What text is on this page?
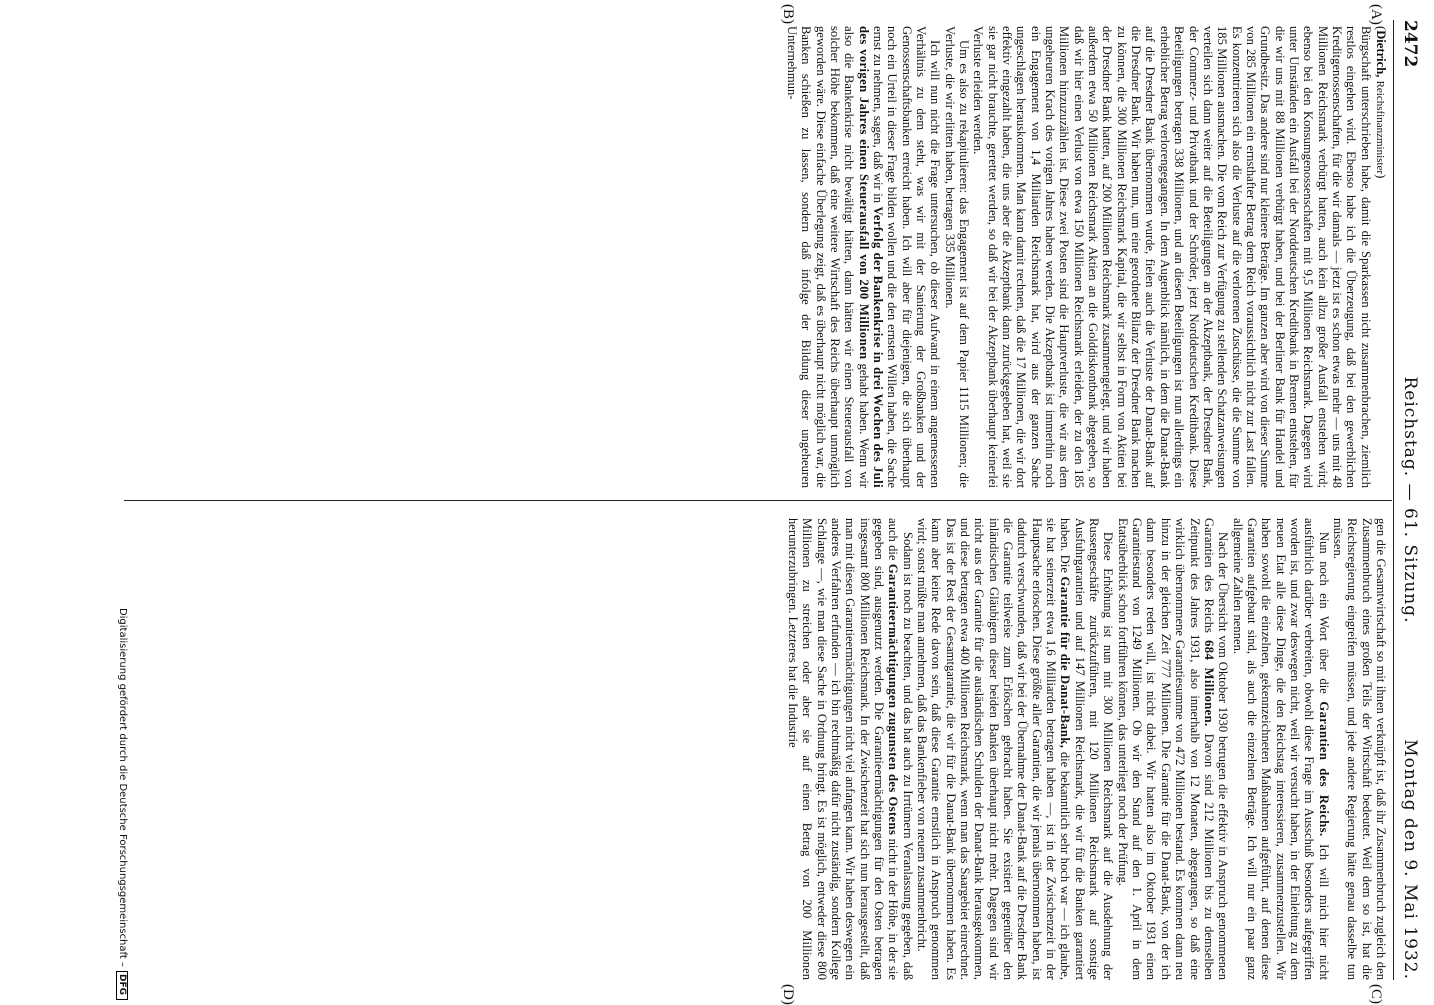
2472
Reichstag. — 61. Sitzung.
Montag den 9. Mai 1932.
(A)
(B)
(C)
(D)

(Dietrich, Reichsfinanzminister)

Bürgschaft unterschrieben habe, damit die Sparkassen nicht zusammenbrachen, ziemlich restlos eingehen wird. Ebenso habe ich die Überzeugung, daß bei den gewerblichen Kreditgenossenschaften, für die wir damals — jetzt ist es schon etwas mehr — uns mit 48 Millionen Reichsmark verbürgt hatten, auch kein allzu großer Ausfall entstehen wird; ebenso bei den Konsumgenossenschaften mit 9,5 Millionen Reichsmark. Dagegen wird unter Umständen ein Ausfall bei der Norddeutschen Kreditbank in Bremen entstehen, für die wir uns mit 88 Millionen verbürgt haben, und bei der Berliner Bank für Handel und Grundbesitz. Das andere sind nur kleinere Beträge. Im ganzen aber wird von dieser Summe von 285 Millionen ein ernsthafter Betrag dem Reich voraussichtlich nicht zur Last fallen. Es konzentrieren sich also die Verluste auf die verlorenen Zuschüsse, die die Summe von 185 Millionen ausmachen. Die vom Reich zur Verfügung zu stellenden Schatzanweisungen verteilen sich dann weiter auf die Beteiligungen an der Akzeptbank, der Dresdner Bank, der Commerz- und Privatbank und der Schröder, jetzt Norddeutschen Kreditbank. Diese Beteiligungen betragen 338 Millionen, und an diesen Beteiligungen ist nun allerdings ein erheblicher Betrag verlorengegangen. In dem Augenblick nämlich, in dem die Danat-Bank auf die Dresdner Bank übernommen wurde, fielen auch die Verluste der Danat-Bank auf die Dresdner Bank. Wir haben nun, um eine geordnete Bilanz der Dresdner Bank machen zu können, die 300 Millionen Reichsmark Kapital, die wir selbst in Form von Aktien bei der Dresdner Bank hatten, auf 200 Millionen Reichsmark zusammengelegt, und wir haben außerdem etwa 50 Millionen Reichsmark Aktien an die Golddiskontbank abgegeben, so daß wir hier einen Verlust von etwa 150 Millionen Reichsmark erleiden, der zu den 185 Millionen hinzuzuzählen ist. Diese zwei Posten sind die Hauptverluste, die wir aus dem ungeheuren Krach des vorigen Jahres haben werden. Die Akzeptbank ist immerhin noch ein Engagement von 1,4 Milliarden Reichsmark hat, wird aus der ganzen Sache ungeschlagen herauskommen. Man kann damit rechnen, daß die 17 Millionen, die wir dort effektiv eingezahlt haben, die uns aber die Akzeptbank dann zurückgegeben hat, weil sie sie gar nicht brauchte, gerettet werden, so daß wir bei der Akzeptbank überhaupt keinerlei Verluste erleiden werden.

Um es also zu rekapitulieren: das Engagement ist auf dem Papier 1115 Millionen; die Verluste, die wir erlitten haben, betragen 335 Millionen.

Ich will nun nicht die Frage untersuchen, ob dieser Aufwand in einem angemessenen Verhältnis zu dem steht, was wir mit der Sanierung der Großbanken und der Genossenschaftsbanken erreicht haben. Ich will aber für diejenigen, die sich überhaupt noch ein Urteil in dieser Frage bilden wollen und die den ernsten Willen haben, die Sache ernst zu nehmen, sagen, daß wir in Verfolg der Bankenkrise in drei Wochen des Juli des vorigen Jahres einen Steuerausfall von 200 Millionen gehabt haben. Wenn wir also die Bankenkrise nicht bewältigt hätten, dann hätten wir einen Steuerausfall von solcher Höhe bekommen, daß eine weitere Wirtschaft des Reichs überhaupt unmöglich geworden wäre. Diese einfache Überlegung zeigt, daß es überhaupt nicht möglich war, die Banken schießen zu lassen, sondern daß infolge der Bildung dieser ungeheuren Unternehmun-

gen die Gesamtwirtschaft so mit ihnen verknüpft ist, daß ihr Zusammenbruch zugleich den Zusammenbruch eines großen Teils der Wirtschaft bedeutet. Weil dem so ist, hat die Reichsregierung eingreifen müssen, und jede andere Regierung hätte genau dasselbe tun müssen.

Nun noch ein Wort über die Garantien des Reichs. Ich will mich hier nicht ausführlich darüber verbreiten, obwohl diese Frage im Ausschuß besonders aufgegriffen worden ist, und zwar deswegen nicht, weil wir versucht haben, in der Einleitung zu dem neuen Etat alle diese Dinge, die den Reichstag interessieren, zusammenzustellen. Wir haben sowohl die einzelnen, gekennzeichneten Maßnahmen aufgeführt, auf denen diese Garantien aufgebaut sind, als auch die einzelnen Beträge. Ich will nur ein paar ganz allgemeine Zahlen nennen.

Nach der Übersicht vom Oktober 1930 betrugen die effektiv in Anspruch genommenen Garantien des Reichs 684 Millionen. Davon sind 212 Millionen bis zu demselben Zeitpunkt des Jahres 1931, also innerhalb von 12 Monaten, abgegangen, so daß eine wirklich übernommene Garantiesumme von 472 Millionen bestand. Es kommen dann neu hinzu in der gleichen Zeit 777 Millionen. Die Garantie für die Danat-Bank, von der ich dann besonders reden will, ist nicht dabei. Wir hatten also im Oktober 1931 einen Garantiestand von 1249 Millionen. Ob wir den Stand auf den 1. April in dem Etatsüberblick schon fortführen können, das unterliegt noch der Prüfung.

Diese Erhöhung ist nun mit 300 Millionen Reichsmark auf die Ausdehnung der Russengeschäfte zurückzuführen, mit 120 Millionen Reichsmark auf sonstige Ausfuhrgarantien und auf 147 Millionen Reichsmark, die wir für die Banken garantiert haben. Die Garantie für die Danat-Bank, die bekanntlich sehr hoch war — ich glaube, sie hat seinerzeit etwa 1,6 Milliarden betragen haben —, ist in der Zwischenzeit in der Hauptsache erloschen. Diese größte aller Garantien, die wir jemals übernommen haben, ist dadurch verschwunden, daß wir bei der Übernahme der Danat-Bank auf die Dresdner Bank die Garantie teilweise zum Erlöschen gebracht haben. Sie existiert gegenüber den inländischen Gläubigern dieser beiden Banken überhaupt nicht mehr. Dagegen sind wir nicht aus der Garantie für die ausländischen Schulden der Danat-Bank herausgekommen, und diese betragen etwa 400 Millionen Reichsmark, wenn man das Saargebiet einrechnet. Das ist der Rest der Gesamtgarantie, die wir für die Danat-Bank übernommen haben. Es kann aber keine Rede davon sein, daß diese Garantie ernstlich in Anspruch genommen wird; sonst müßte man annehmen, daß das Bankenfieber von neuem zusammenbricht.

Sodann ist noch zu beachten, und das hat auch zu Irrtümern Veranlassung gegeben, daß auch die Garantieermächtigungen zugunsten des Ostens nicht in der Höhe, in der sie gegeben sind, ausgenutzt werden. Die Garantieermächtigungen für den Osten betragen insgesamt 800 Millionen Reichsmark. In der Zwischenzeit hat sich nun herausgestellt, daß man mit diesen Garantieermächtigungen nicht viel anfangen kann. Wir haben deswegen ein anderes Verfahren erfunden — ich bin rechtmäßig dafür nicht zuständig, sondern Kollege Schlange —, wie man diese Sache in Ordnung bringt. Es ist möglich, entweder diese 800 Millionen zu streichen oder aber sie auf einen Betrag von 200 Millionen herunterzubringen. Letzteres hat die Industrie

Digitalisierung gefördert durch die Deutsche Forschungsgemeinschaft –DFG
